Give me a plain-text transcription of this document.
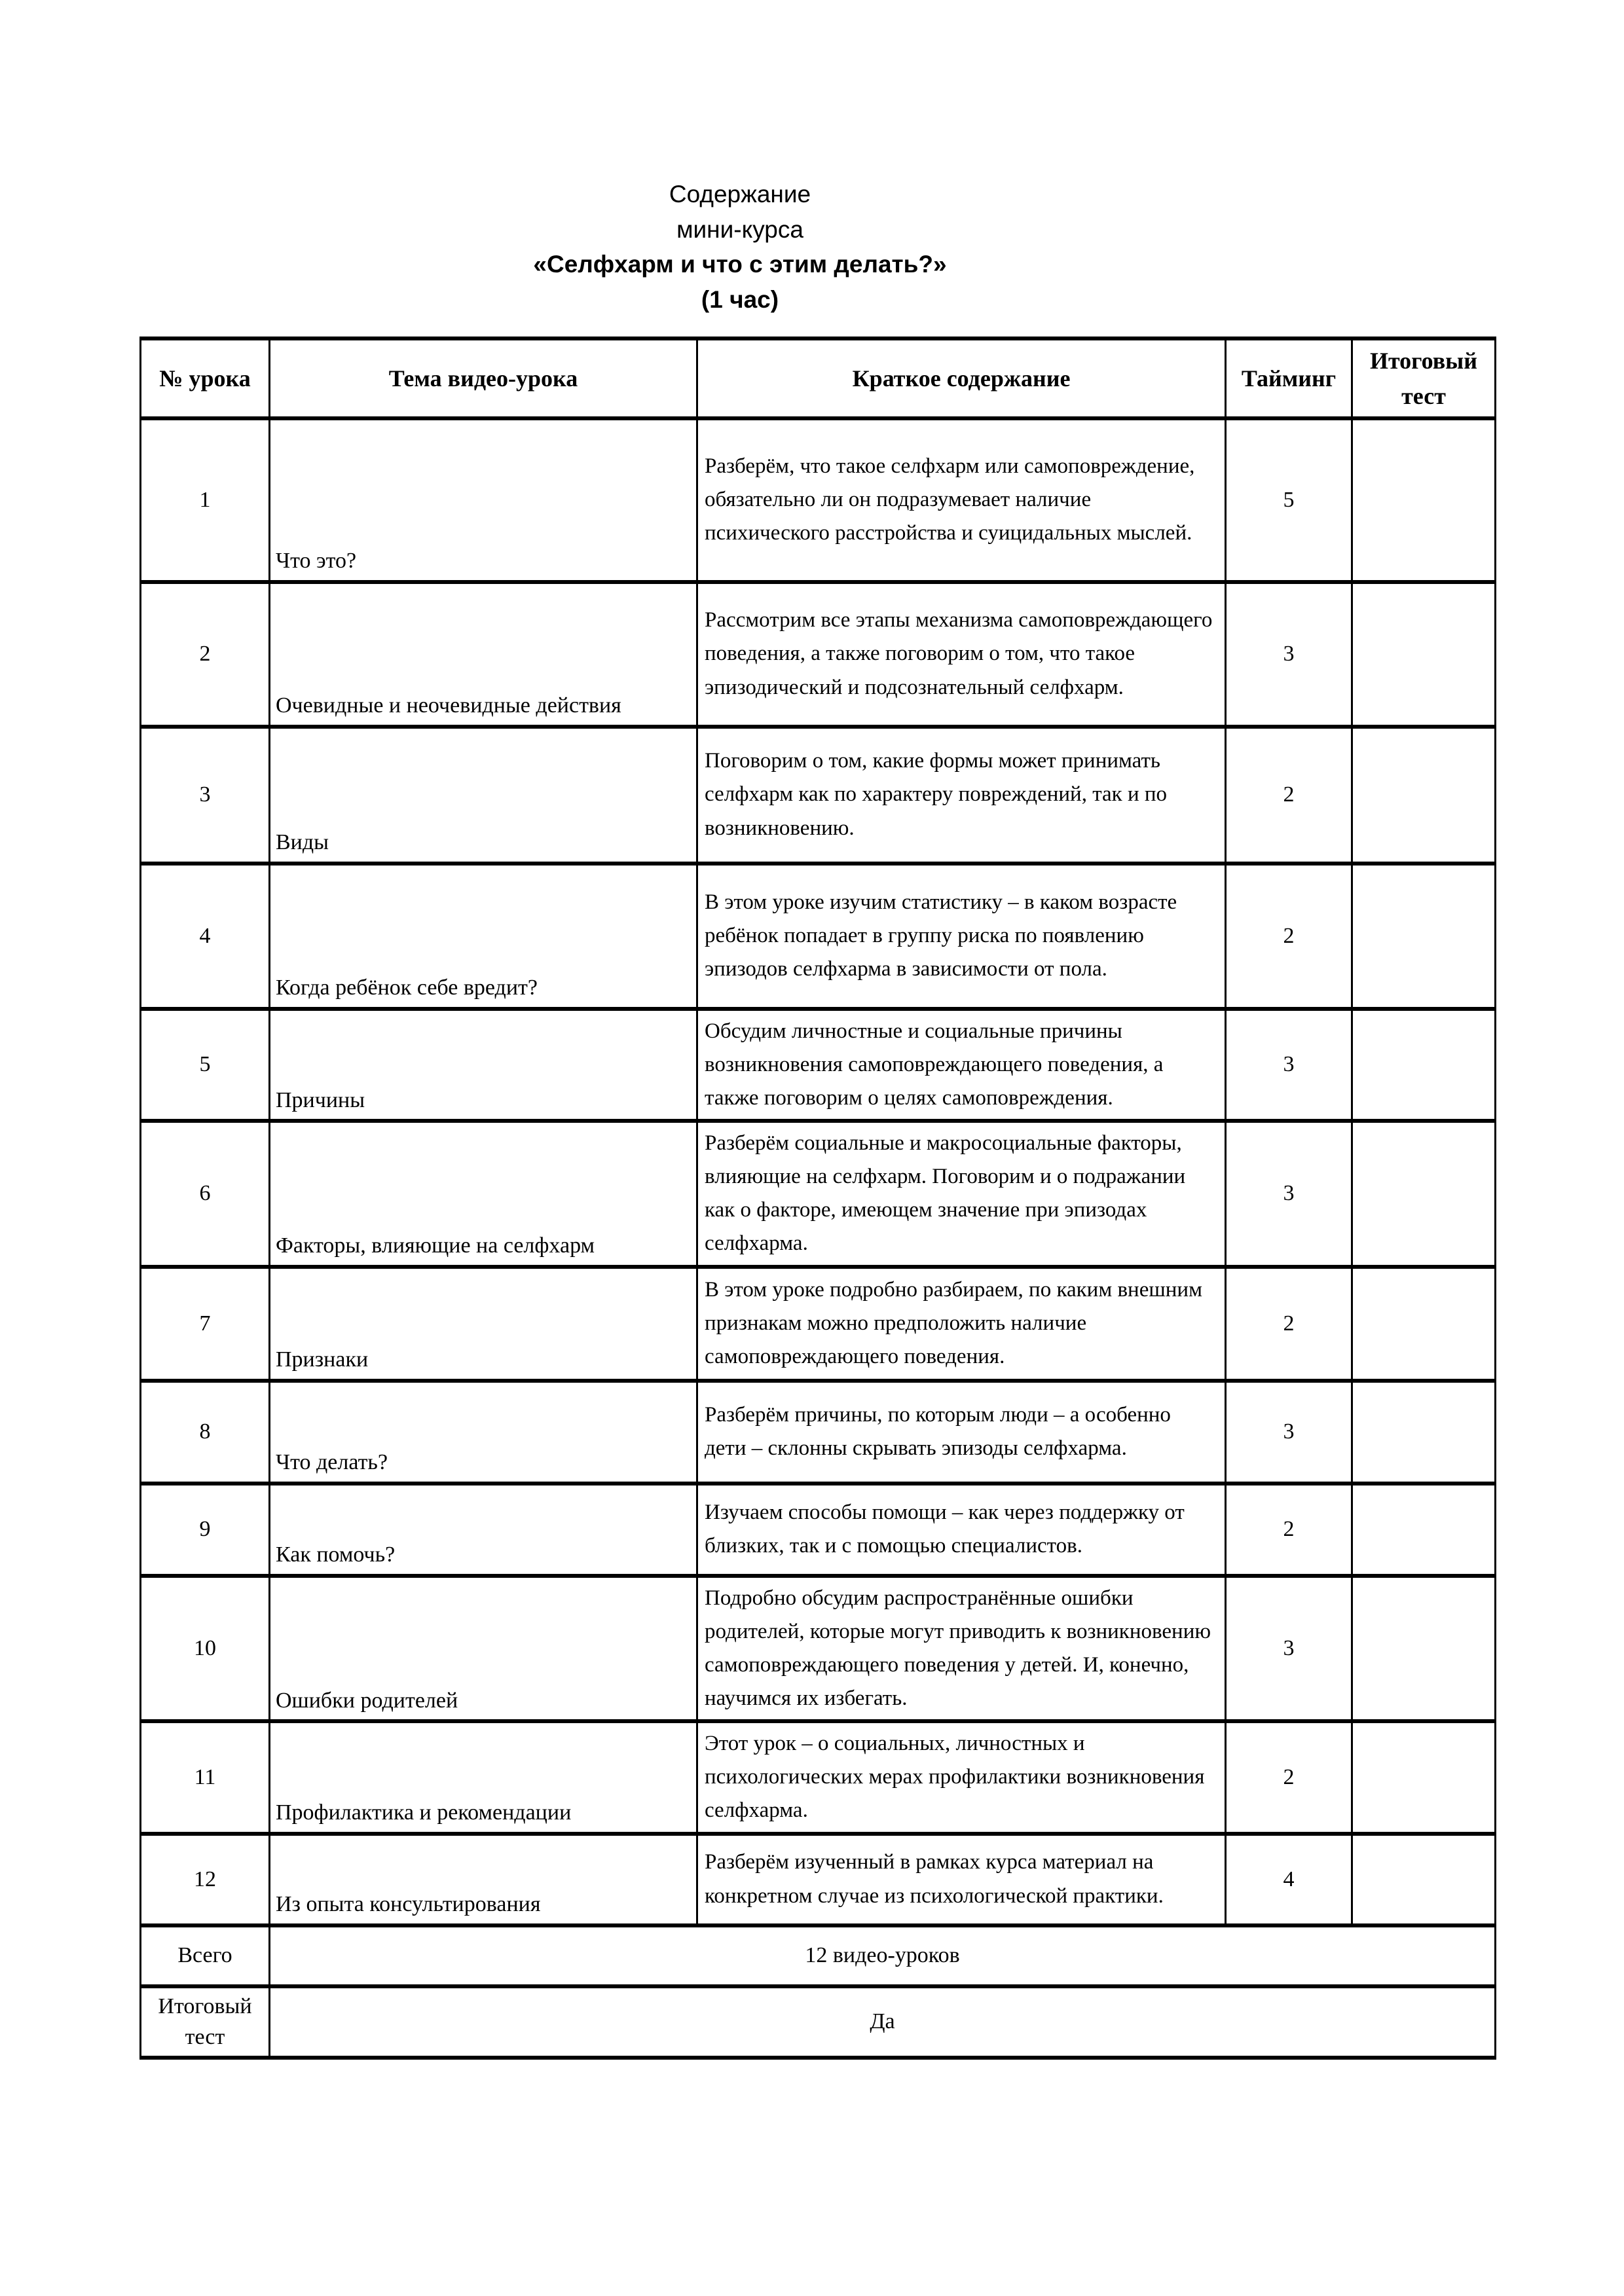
Содержание
мини-курса
«Селфхарм и что с этим делать?»
(1 час)
№ урока	Тема видео-урока	Краткое содержание	Тайминг	Итоговый тест
1	Что это?	Разберём, что такое селфхарм или самоповреждение, обязательно ли он подразумевает наличие психического расстройства и суицидальных мыслей.	5	
2	Очевидные и неочевидные действия	Рассмотрим все этапы механизма самоповреждающего поведения, а также поговорим о том, что такое эпизодический и подсознательный селфхарм.	3	
3	Виды	Поговорим о том, какие формы может принимать селфхарм как по характеру повреждений, так и по возникновению.	2	
4	Когда ребёнок себе вредит?	В этом уроке изучим статистику – в каком возрасте ребёнок попадает в группу риска по появлению эпизодов селфхарма в зависимости от пола.	2	
5	Причины	Обсудим личностные и социальные причины возникновения самоповреждающего поведения, а также поговорим о целях самоповреждения.	3	
6	Факторы, влияющие на селфхарм	Разберём социальные и макросоциальные факторы, влияющие на селфхарм. Поговорим и о подражании как о факторе, имеющем значение при эпизодах селфхарма.	3	
7	Признаки	В этом уроке подробно разбираем, по каким внешним признакам можно предположить наличие самоповреждающего поведения.	2	
8	Что делать?	Разберём причины, по которым люди – а особенно дети – склонны скрывать эпизоды селфхарма.	3	
9	Как помочь?	Изучаем способы помощи – как через поддержку от близких, так и с помощью специалистов.	2	
10	Ошибки родителей	Подробно обсудим распространённые ошибки родителей, которые могут приводить к возникновению самоповреждающего поведения у детей. И, конечно, научимся их избегать.	3	
11	Профилактика и рекомендации	Этот урок – о социальных, личностных и психологических мерах профилактики возникновения селфхарма.	2	
12	Из опыта консультирования	Разберём изученный в рамках курса материал на конкретном случае из психологической практики.	4	
Всего	12 видео-уроков			
Итоговый тест	Да			
